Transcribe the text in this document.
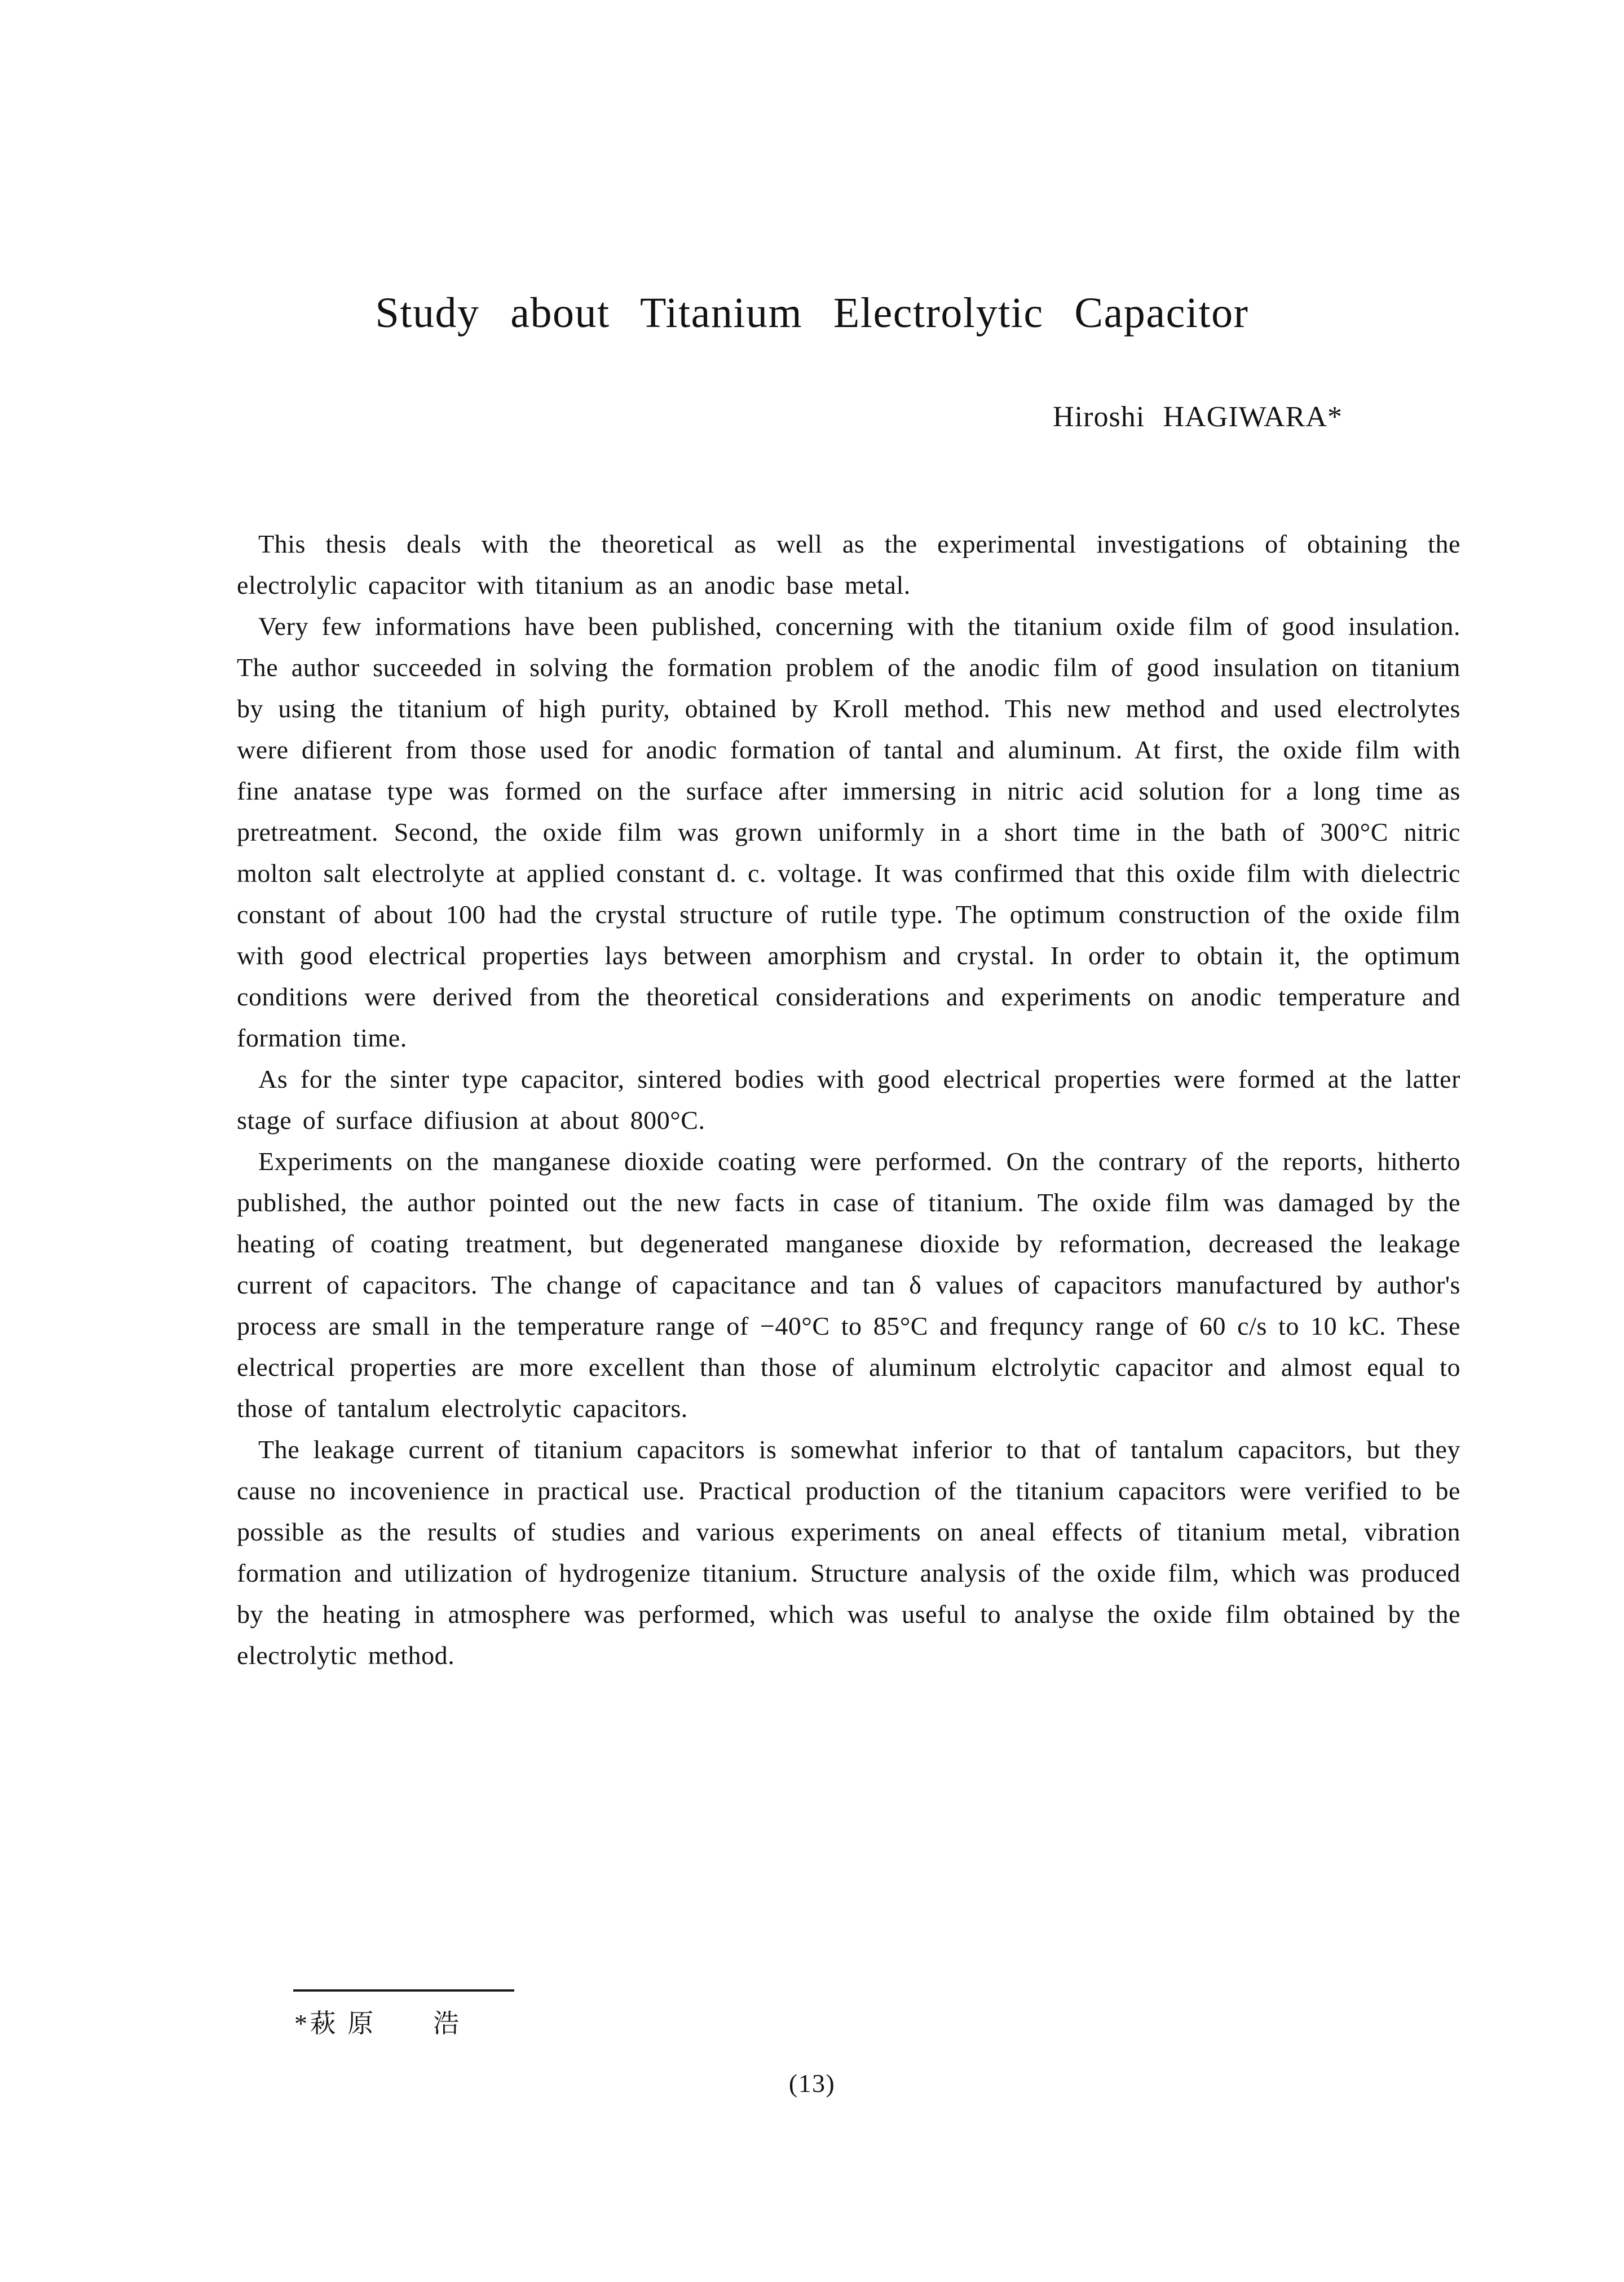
Study about Titanium Electrolytic Capacitor
Hiroshi HAGIWARA*

This thesis deals with the theoretical as well as the experimental investigations of obtaining the electrolylic capacitor with titanium as an anodic base metal.

Very few informations have been published, concerning with the titanium oxide film of good insulation. The author succeeded in solving the formation problem of the anodic film of good insulation on titanium by using the titanium of high purity, obtained by Kroll method. This new method and used electrolytes were difierent from those used for anodic formation of tantal and aluminum. At first, the oxide film with fine anatase type was formed on the surface after immersing in nitric acid solution for a long time as pretreatment. Second, the oxide film was grown uniformly in a short time in the bath of 300°C nitric molton salt electrolyte at applied constant d. c. voltage. It was confirmed that this oxide film with dielectric constant of about 100 had the crystal structure of rutile type. The optimum construction of the oxide film with good electrical properties lays between amorphism and crystal. In order to obtain it, the optimum conditions were derived from the theoretical considerations and experiments on anodic temperature and formation time.

As for the sinter type capacitor, sintered bodies with good electrical properties were formed at the latter stage of surface difiusion at about 800°C.

Experiments on the manganese dioxide coating were performed. On the contrary of the reports, hitherto published, the author pointed out the new facts in case of titanium. The oxide film was damaged by the heating of coating treatment, but degenerated manganese dioxide by reformation, decreased the leakage current of capacitors. The change of capacitance and tan δ values of capacitors manufactured by author's process are small in the temperature range of −40°C to 85°C and frequncy range of 60 c/s to 10 kC. These electrical properties are more excellent than those of aluminum elctrolytic capacitor and almost equal to those of tantalum electrolytic capacitors.

The leakage current of titanium capacitors is somewhat inferior to that of tantalum capacitors, but they cause no incovenience in practical use. Practical production of the titanium capacitors were verified to be possible as the results of studies and various experiments on aneal effects of titanium metal, vibration formation and utilization of hydrogenize titanium. Structure analysis of the oxide film, which was produced by the heating in atmosphere was performed, which was useful to analyse the oxide film obtained by the electrolytic method.

*萩 原　　浩
(13)
